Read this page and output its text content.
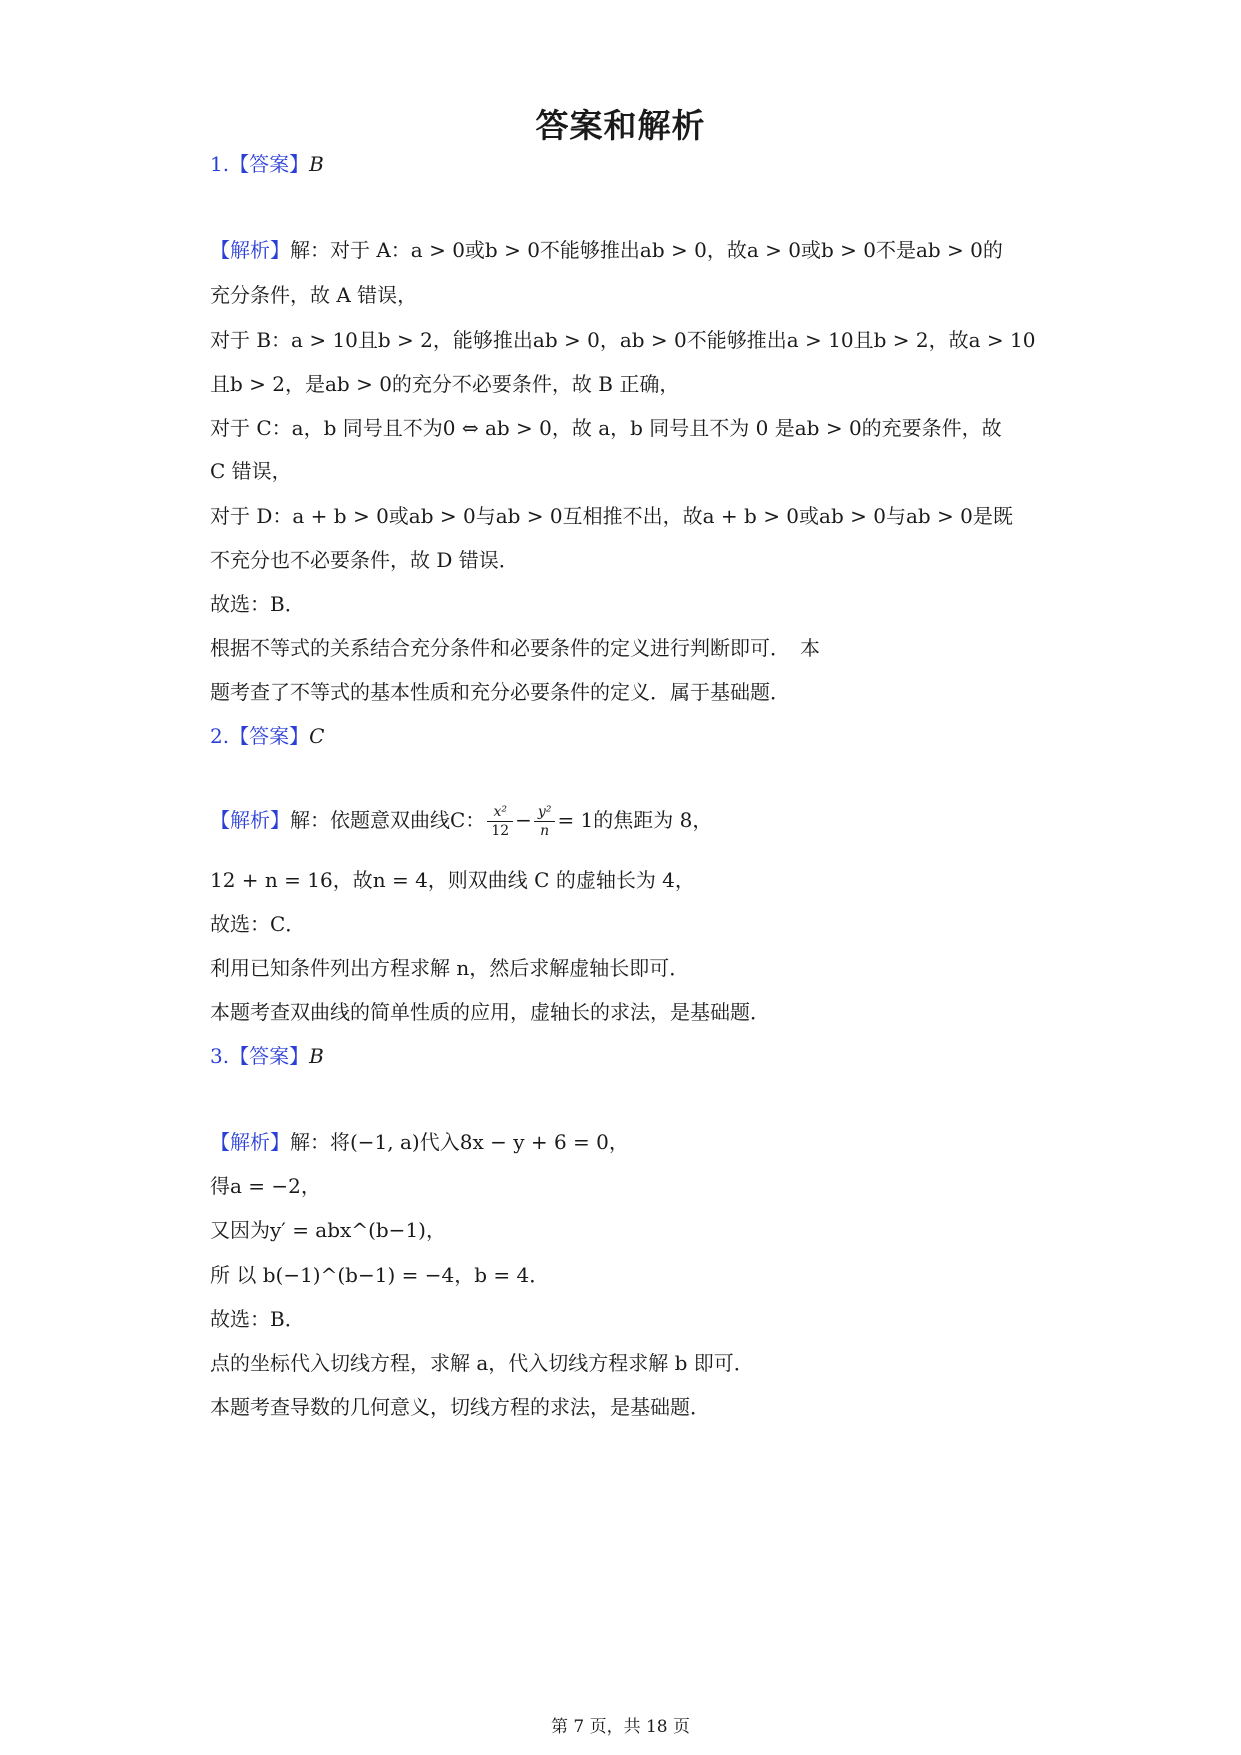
答案和解析
1.【答案】B
【解析】解：对于 A：a > 0或b > 0不能够推出ab > 0，故a > 0或b > 0不是ab > 0的
充分条件，故 A 错误，
对于 B：a > 10且b > 2，能够推出ab > 0，ab > 0不能够推出a > 10且b > 2，故a > 10
且b > 2，是ab > 0的充分不必要条件，故 B 正确，
对于 C：a，b 同号且不为0 ⇔ ab > 0，故 a，b 同号且不为 0 是ab > 0的充要条件，故
C 错误，
对于 D：a + b > 0或ab > 0与ab > 0互相推不出，故a + b > 0或ab > 0与ab > 0是既
不充分也不必要条件，故 D 错误．
故选：B．
根据不等式的关系结合充分条件和必要条件的定义进行判断即可．　本
题考查了不等式的基本性质和充分必要条件的定义．属于基础题．
2.【答案】C
【解析】解：依题意双曲线C： $\frac{\text{x²}}{12} - \frac{\text{y²}}{n} = 1$的焦距为 8，
12 + n = 16，故n = 4，则双曲线 C 的虚轴长为 4，
故选：C．
利用已知条件列出方程求解 n，然后求解虚轴长即可．
本题考查双曲线的简单性质的应用，虚轴长的求法，是基础题．
3.【答案】B
【解析】解：将(−1, a)代入8x − y + 6 = 0，
得a = −2，
又因为y′ = abx^(b−1)，
所 以 b(−1)^(b−1) = −4，b = 4．
故选：B．
点的坐标代入切线方程，求解 a，代入切线方程求解 b 即可．
本题考查导数的几何意义，切线方程的求法，是基础题．
第 7 页，共 18 页
